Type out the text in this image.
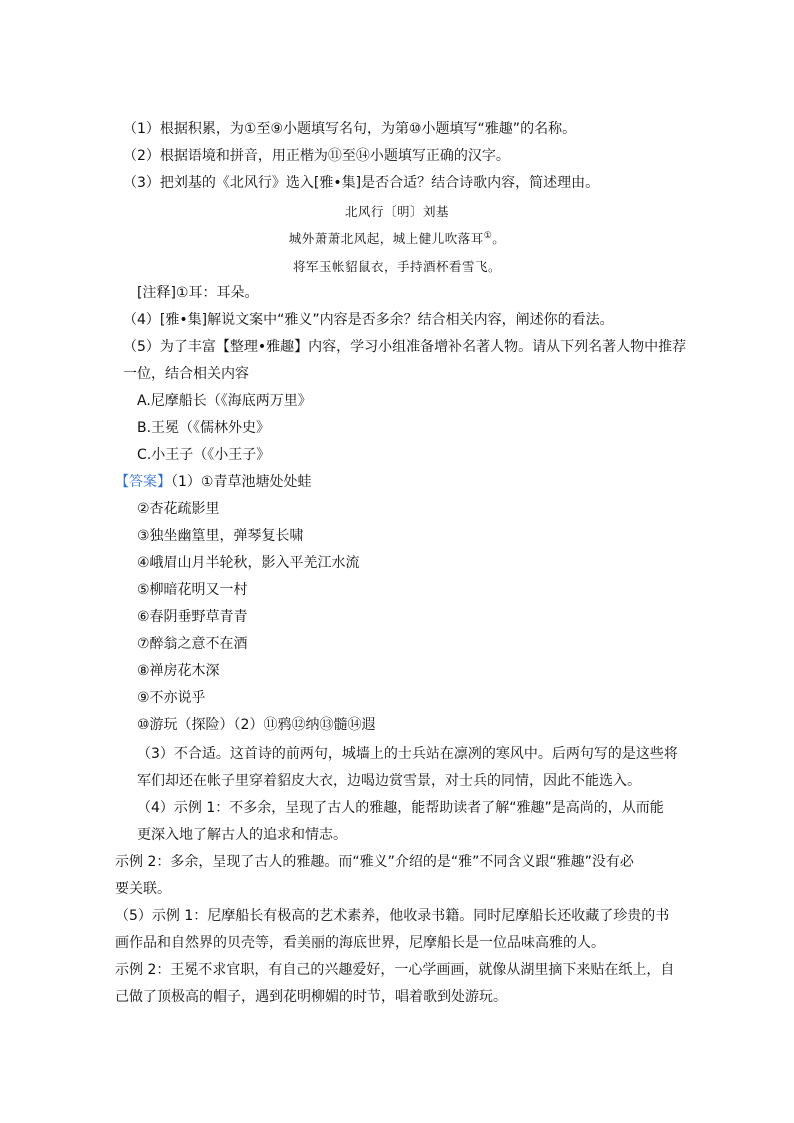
（1）根据积累，为①至⑨小题填写名句，为第⑩小题填写“雅趣”的名称。
（2）根据语境和拼音，用正楷为⑪至⑭小题填写正确的汉字。
（3）把刘基的《北风行》选入[雅•集]是否合适？结合诗歌内容，简述理由。
北风行〔明〕刘基
城外萧萧北风起，城上健儿吹落耳①。
将军玉帐貂鼠衣，手持酒杯看雪飞。
[注释]①耳：耳朵。
（4）[雅•集]解说文案中“雅义”内容是否多余？结合相关内容，阐述你的看法。
（5）为了丰富【整理•雅趣】内容，学习小组准备增补名著人物。请从下列名著人物中推荐
一位，结合相关内容
A.尼摩船长（《海底两万里》
B.王冕（《儒林外史》
C.小王子（《小王子》
【答案】（1）①青草池塘处处蛙
②杏花疏影里
③独坐幽篁里，弹琴复长啸
④峨眉山月半轮秋，影入平羌江水流
⑤柳暗花明又一村
⑥春阴垂野草青青
⑦醉翁之意不在酒
⑧禅房花木深
⑨不亦说乎
⑩游玩（探险）（2）⑪鸦⑫纳⑬髓⑭遐
（3）不合适。这首诗的前两句，城墙上的士兵站在凛冽的寒风中。后两句写的是这些将
军们却还在帐子里穿着貂皮大衣，边喝边赏雪景，对士兵的同情，因此不能选入。
（4）示例 1：不多余，呈现了古人的雅趣，能帮助读者了解“雅趣”是高尚的，从而能
更深入地了解古人的追求和情志。
示例 2：多余，呈现了古人的雅趣。而“雅义”介绍的是“雅”不同含义跟“雅趣”没有必
要关联。
（5）示例 1：尼摩船长有极高的艺术素养，他收录书籍。同时尼摩船长还收藏了珍贵的书
画作品和自然界的贝壳等，看美丽的海底世界，尼摩船长是一位品味高雅的人。
示例 2：王冕不求官职，有自己的兴趣爱好，一心学画画，就像从湖里摘下来贴在纸上，自
己做了顶极高的帽子，遇到花明柳媚的时节，唱着歌到处游玩。
